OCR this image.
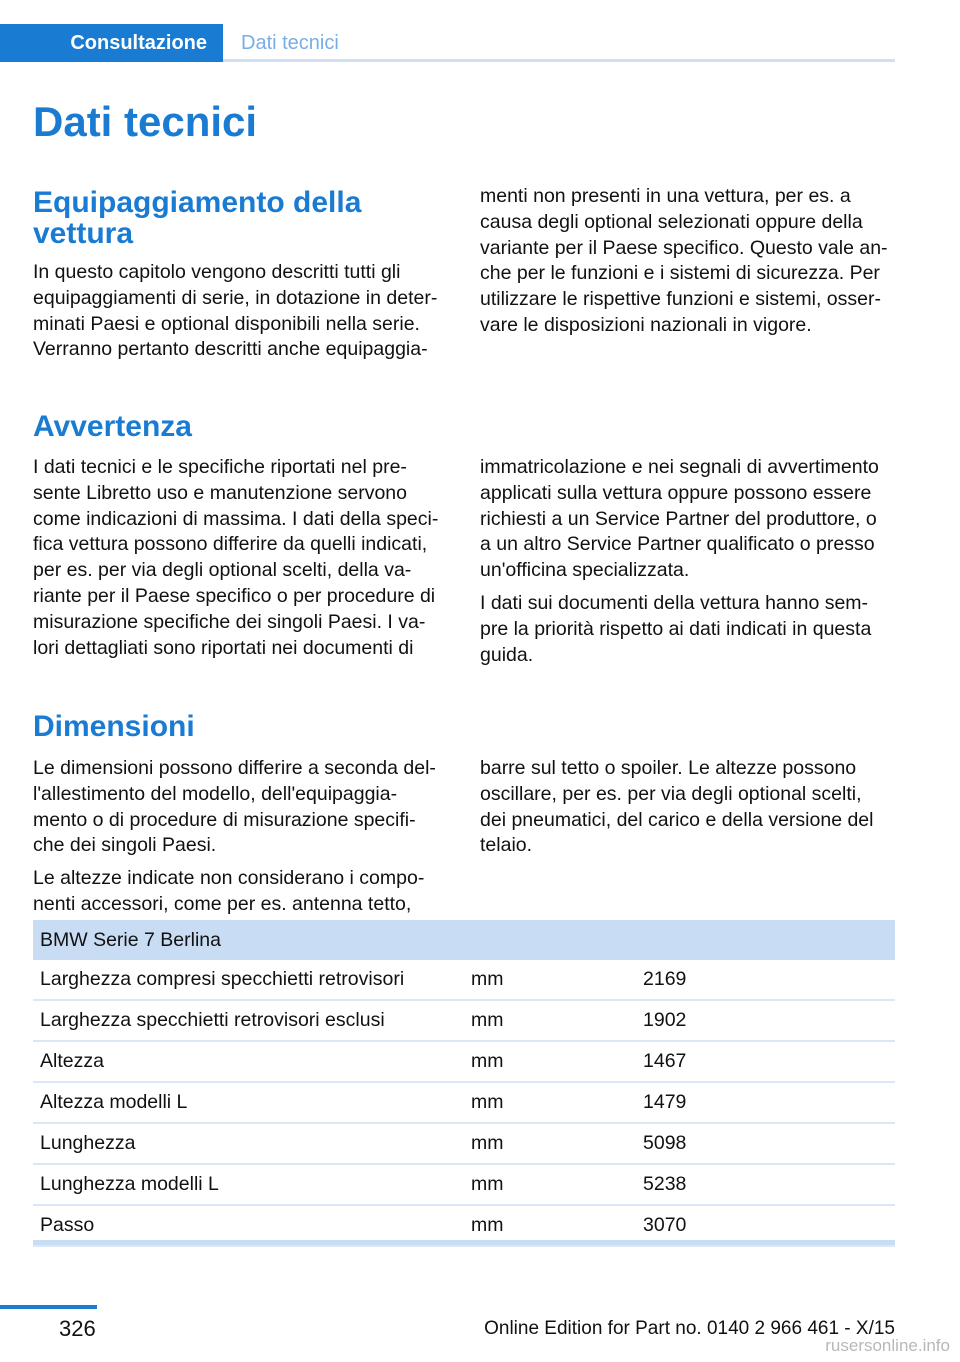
Consultazione	Dati tecnici
Dati tecnici
Equipaggiamento della
vettura

In questo capitolo vengono descritti tutti gli equipaggiamenti di serie, in dotazione in deter- minati Paesi e optional disponibili nella serie. Verranno pertanto descritti anche equipaggia-

menti non presenti in una vettura, per es. a causa degli optional selezionati oppure della variante per il Paese specifico. Questo vale an- che per le funzioni e i sistemi di sicurezza. Per utilizzare le rispettive funzioni e sistemi, osser- vare le disposizioni nazionali in vigore.

Avvertenza

I dati tecnici e le specifiche riportati nel pre- sente Libretto uso e manutenzione servono come indicazioni di massima. I dati della speci- fica vettura possono differire da quelli indicati, per es. per via degli optional scelti, della va- riante per il Paese specifico o per procedure di misurazione specifiche dei singoli Paesi. I va- lori dettagliati sono riportati nei documenti di

immatricolazione e nei segnali di avvertimento applicati sulla vettura oppure possono essere richiesti a un Service Partner del produttore, o a un altro Service Partner qualificato o presso un'officina specializzata.

I dati sui documenti della vettura hanno sem- pre la priorità rispetto ai dati indicati in questa guida.

Dimensioni

Le dimensioni possono differire a seconda del- l'allestimento del modello, dell'equipaggia- mento o di procedure di misurazione specifi- che dei singoli Paesi.

Le altezze indicate non considerano i compo- nenti accessori, come per es. antenna tetto,

barre sul tetto o spoiler. Le altezze possono oscillare, per es. per via degli optional scelti, dei pneumatici, del carico e della versione del telaio.

BMW Serie 7 Berlina		
Larghezza compresi specchietti retrovisori	mm	2169
Larghezza specchietti retrovisori esclusi	mm	1902
Altezza	mm	1467
Altezza modelli L	mm	1479
Lunghezza	mm	5098
Lunghezza modelli L	mm	5238
Passo	mm	3070
326	Online Edition for Part no. 0140 2 966 461 - X/15
rusersonline.info
